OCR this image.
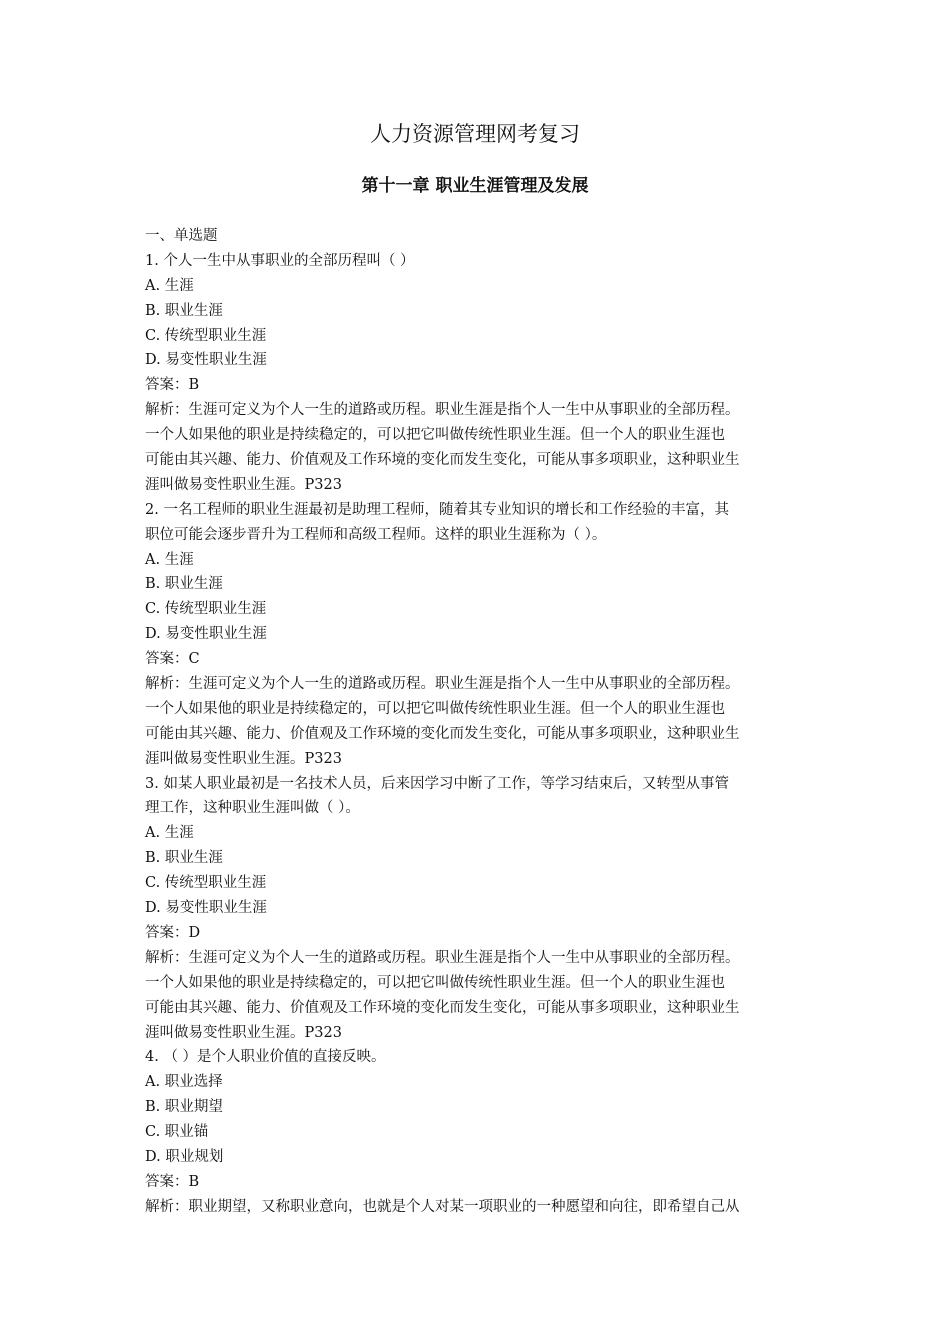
人力资源管理网考复习
第十一章 职业生涯管理及发展
一、单选题
1. 个人一生中从事职业的全部历程叫（ ）
A. 生涯
B. 职业生涯
C. 传统型职业生涯
D. 易变性职业生涯
答案：B
解析：生涯可定义为个人一生的道路或历程。职业生涯是指个人一生中从事职业的全部历程。
一个人如果他的职业是持续稳定的，可以把它叫做传统性职业生涯。但一个人的职业生涯也
可能由其兴趣、能力、价值观及工作环境的变化而发生变化，可能从事多项职业，这种职业生
涯叫做易变性职业生涯。P323
2. 一名工程师的职业生涯最初是助理工程师，随着其专业知识的增长和工作经验的丰富，其
职位可能会逐步晋升为工程师和高级工程师。这样的职业生涯称为（ ）。
A. 生涯
B. 职业生涯
C. 传统型职业生涯
D. 易变性职业生涯
答案：C
解析：生涯可定义为个人一生的道路或历程。职业生涯是指个人一生中从事职业的全部历程。
一个人如果他的职业是持续稳定的，可以把它叫做传统性职业生涯。但一个人的职业生涯也
可能由其兴趣、能力、价值观及工作环境的变化而发生变化，可能从事多项职业，这种职业生
涯叫做易变性职业生涯。P323
3. 如某人职业最初是一名技术人员，后来因学习中断了工作，等学习结束后，又转型从事管
理工作，这种职业生涯叫做（ ）。
A. 生涯
B. 职业生涯
C. 传统型职业生涯
D. 易变性职业生涯
答案：D
解析：生涯可定义为个人一生的道路或历程。职业生涯是指个人一生中从事职业的全部历程。
一个人如果他的职业是持续稳定的，可以把它叫做传统性职业生涯。但一个人的职业生涯也
可能由其兴趣、能力、价值观及工作环境的变化而发生变化，可能从事多项职业，这种职业生
涯叫做易变性职业生涯。P323
4. （ ）是个人职业价值的直接反映。
A. 职业选择
B. 职业期望
C. 职业锚
D. 职业规划
答案：B
解析：职业期望，又称职业意向，也就是个人对某一项职业的一种愿望和向往，即希望自己从
